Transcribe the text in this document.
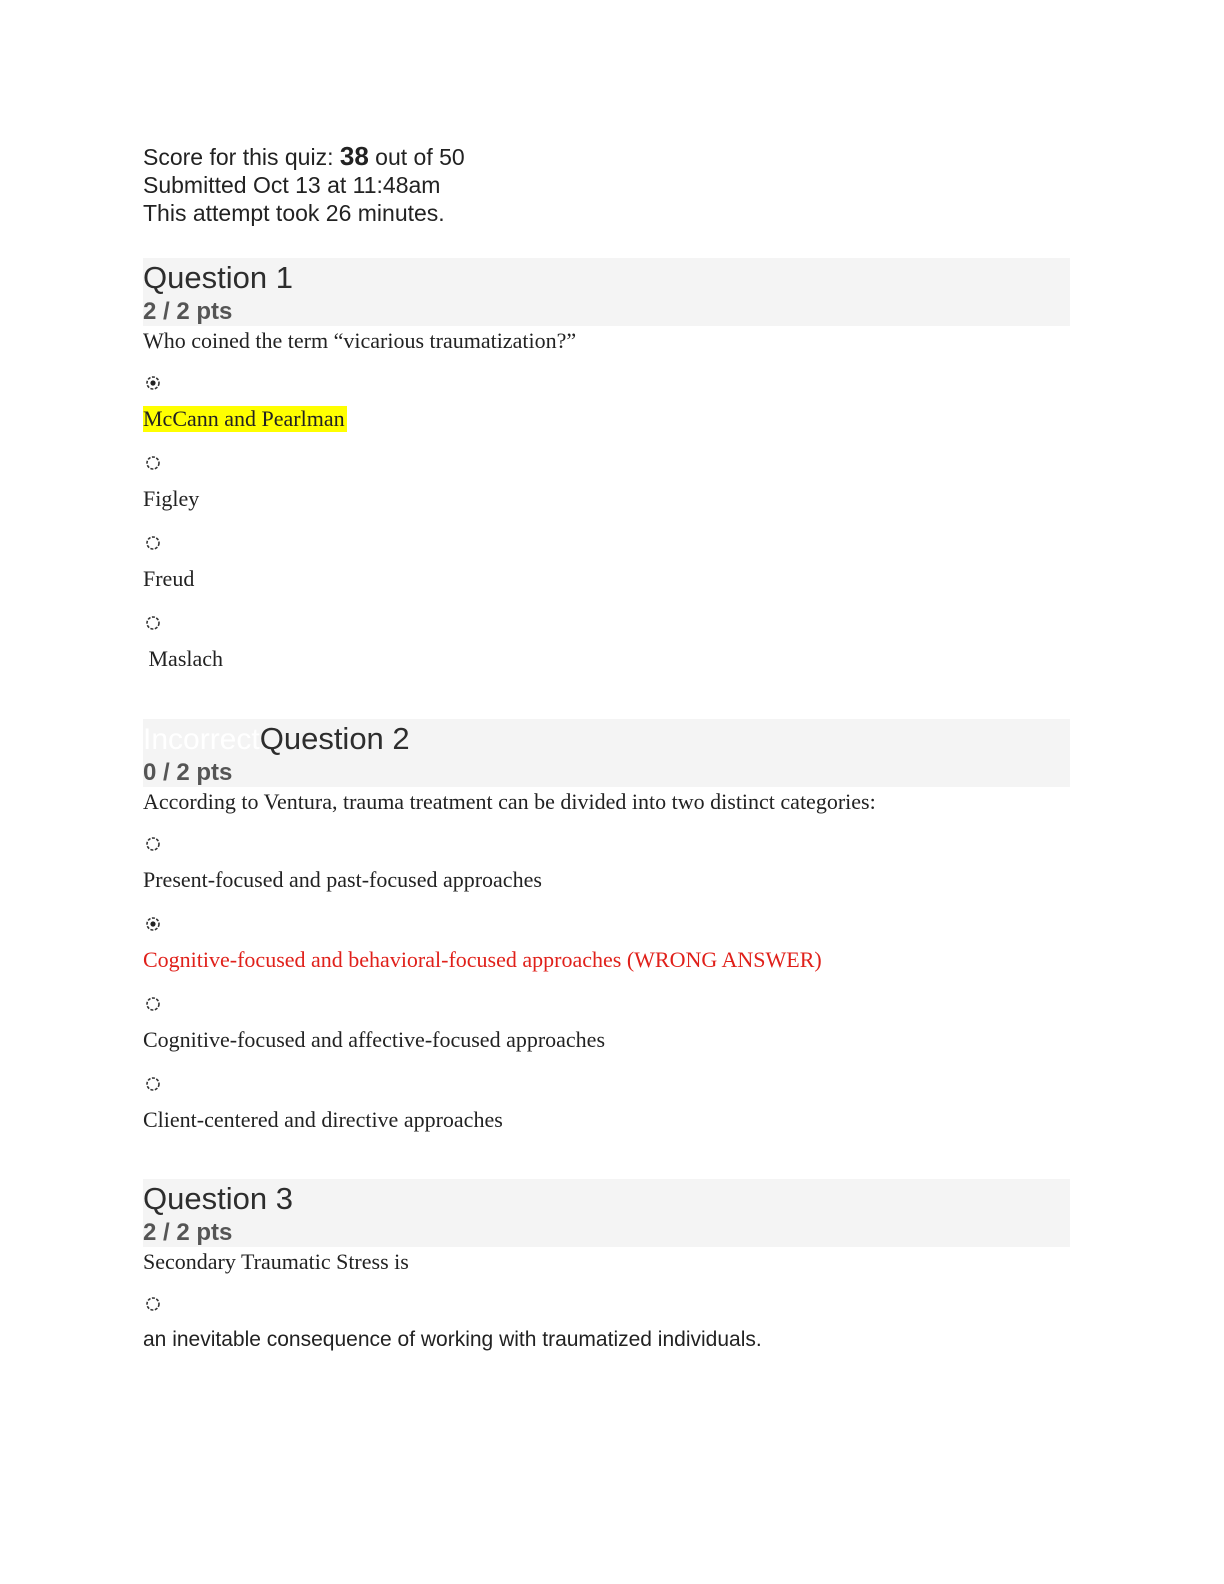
Score for this quiz: 38 out of 50
Submitted Oct 13 at 11:48am
This attempt took 26 minutes.
Question 1
2 / 2 pts
Who coined the term “vicarious traumatization?”
McCann and Pearlman
Figley
Freud
Maslach
IncorrectQuestion 2
0 / 2 pts
According to Ventura, trauma treatment can be divided into two distinct categories:
Present-focused and past-focused approaches
Cognitive-focused and behavioral-focused approaches (WRONG ANSWER)
Cognitive-focused and affective-focused approaches
Client-centered and directive approaches
Question 3
2 / 2 pts
Secondary Traumatic Stress is
an inevitable consequence of working with traumatized individuals.
